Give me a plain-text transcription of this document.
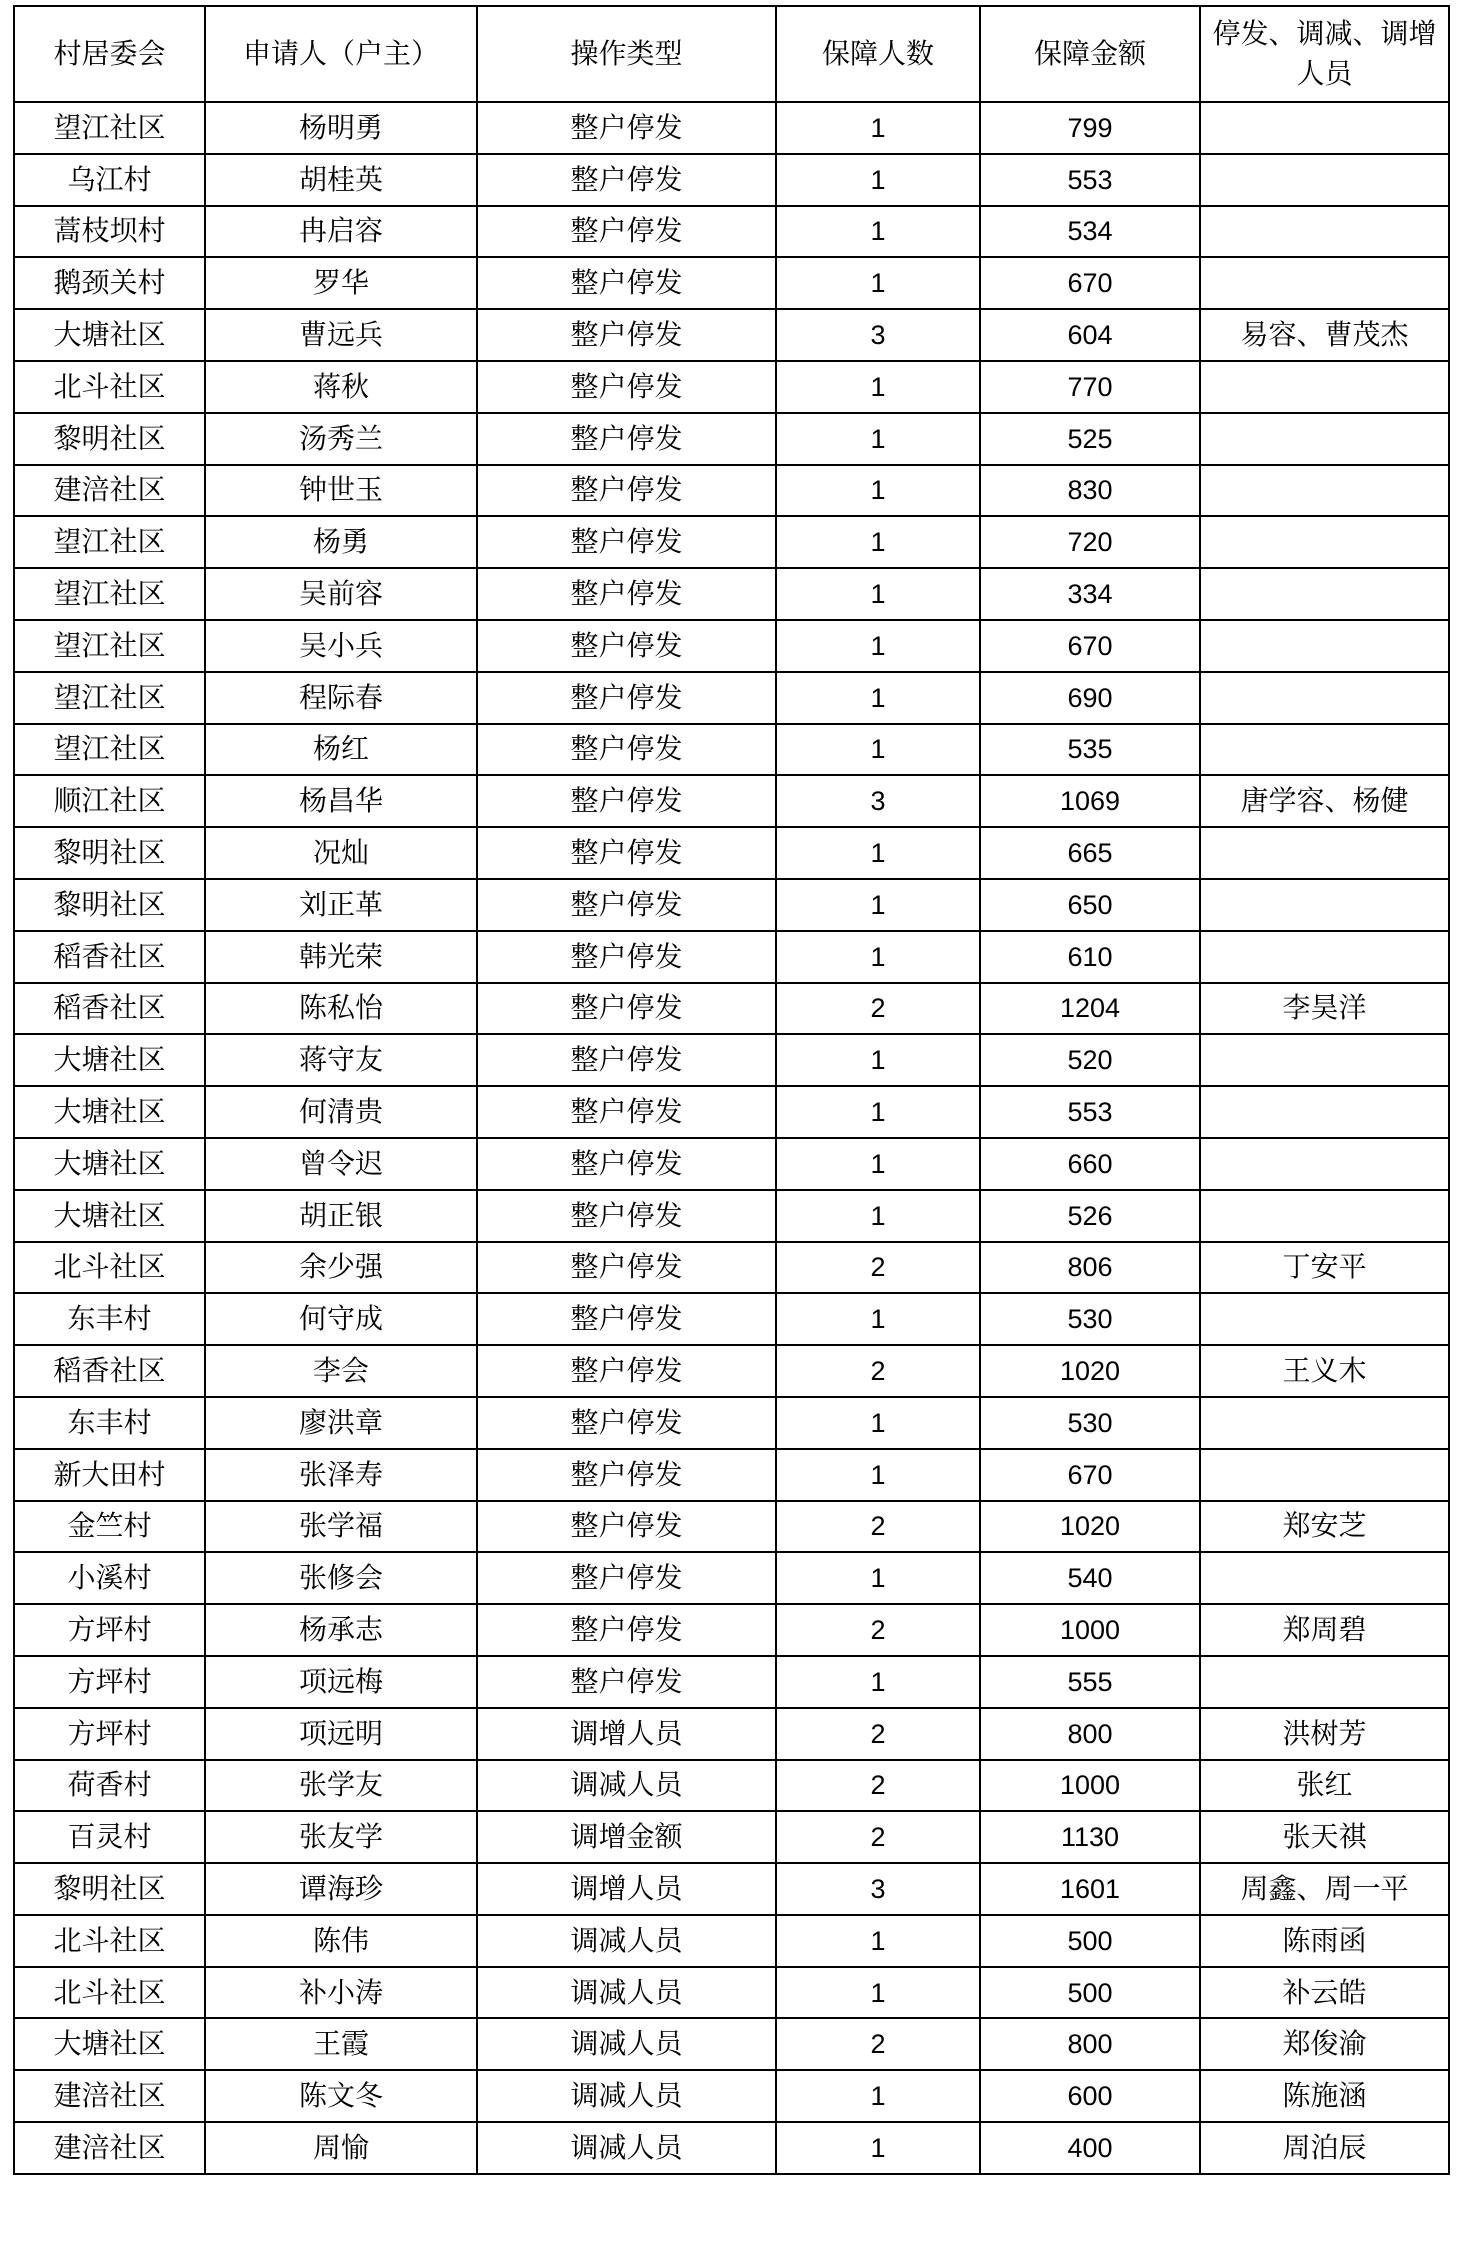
村居委会	申请人（户主）	操作类型	保障人数	保障金额	停发、调减、调增人员
望江社区	杨明勇	整户停发	1	799	
乌江村	胡桂英	整户停发	1	553	
蒿枝坝村	冉启容	整户停发	1	534	
鹅颈关村	罗华	整户停发	1	670	
大塘社区	曹远兵	整户停发	3	604	易容、曹茂杰
北斗社区	蒋秋	整户停发	1	770	
黎明社区	汤秀兰	整户停发	1	525	
建涪社区	钟世玉	整户停发	1	830	
望江社区	杨勇	整户停发	1	720	
望江社区	吴前容	整户停发	1	334	
望江社区	吴小兵	整户停发	1	670	
望江社区	程际春	整户停发	1	690	
望江社区	杨红	整户停发	1	535	
顺江社区	杨昌华	整户停发	3	1069	唐学容、杨健
黎明社区	况灿	整户停发	1	665	
黎明社区	刘正革	整户停发	1	650	
稻香社区	韩光荣	整户停发	1	610	
稻香社区	陈私怡	整户停发	2	1204	李昊洋
大塘社区	蒋守友	整户停发	1	520	
大塘社区	何清贵	整户停发	1	553	
大塘社区	曾令迟	整户停发	1	660	
大塘社区	胡正银	整户停发	1	526	
北斗社区	余少强	整户停发	2	806	丁安平
东丰村	何守成	整户停发	1	530	
稻香社区	李会	整户停发	2	1020	王义木
东丰村	廖洪章	整户停发	1	530	
新大田村	张泽寿	整户停发	1	670	
金竺村	张学福	整户停发	2	1020	郑安芝
小溪村	张修会	整户停发	1	540	
方坪村	杨承志	整户停发	2	1000	郑周碧
方坪村	项远梅	整户停发	1	555	
方坪村	项远明	调增人员	2	800	洪树芳
荷香村	张学友	调减人员	2	1000	张红
百灵村	张友学	调增金额	2	1130	张天祺
黎明社区	谭海珍	调增人员	3	1601	周鑫、周一平
北斗社区	陈伟	调减人员	1	500	陈雨函
北斗社区	补小涛	调减人员	1	500	补云皓
大塘社区	王霞	调减人员	2	800	郑俊渝
建涪社区	陈文冬	调减人员	1	600	陈施涵
建涪社区	周愉	调减人员	1	400	周泊辰
